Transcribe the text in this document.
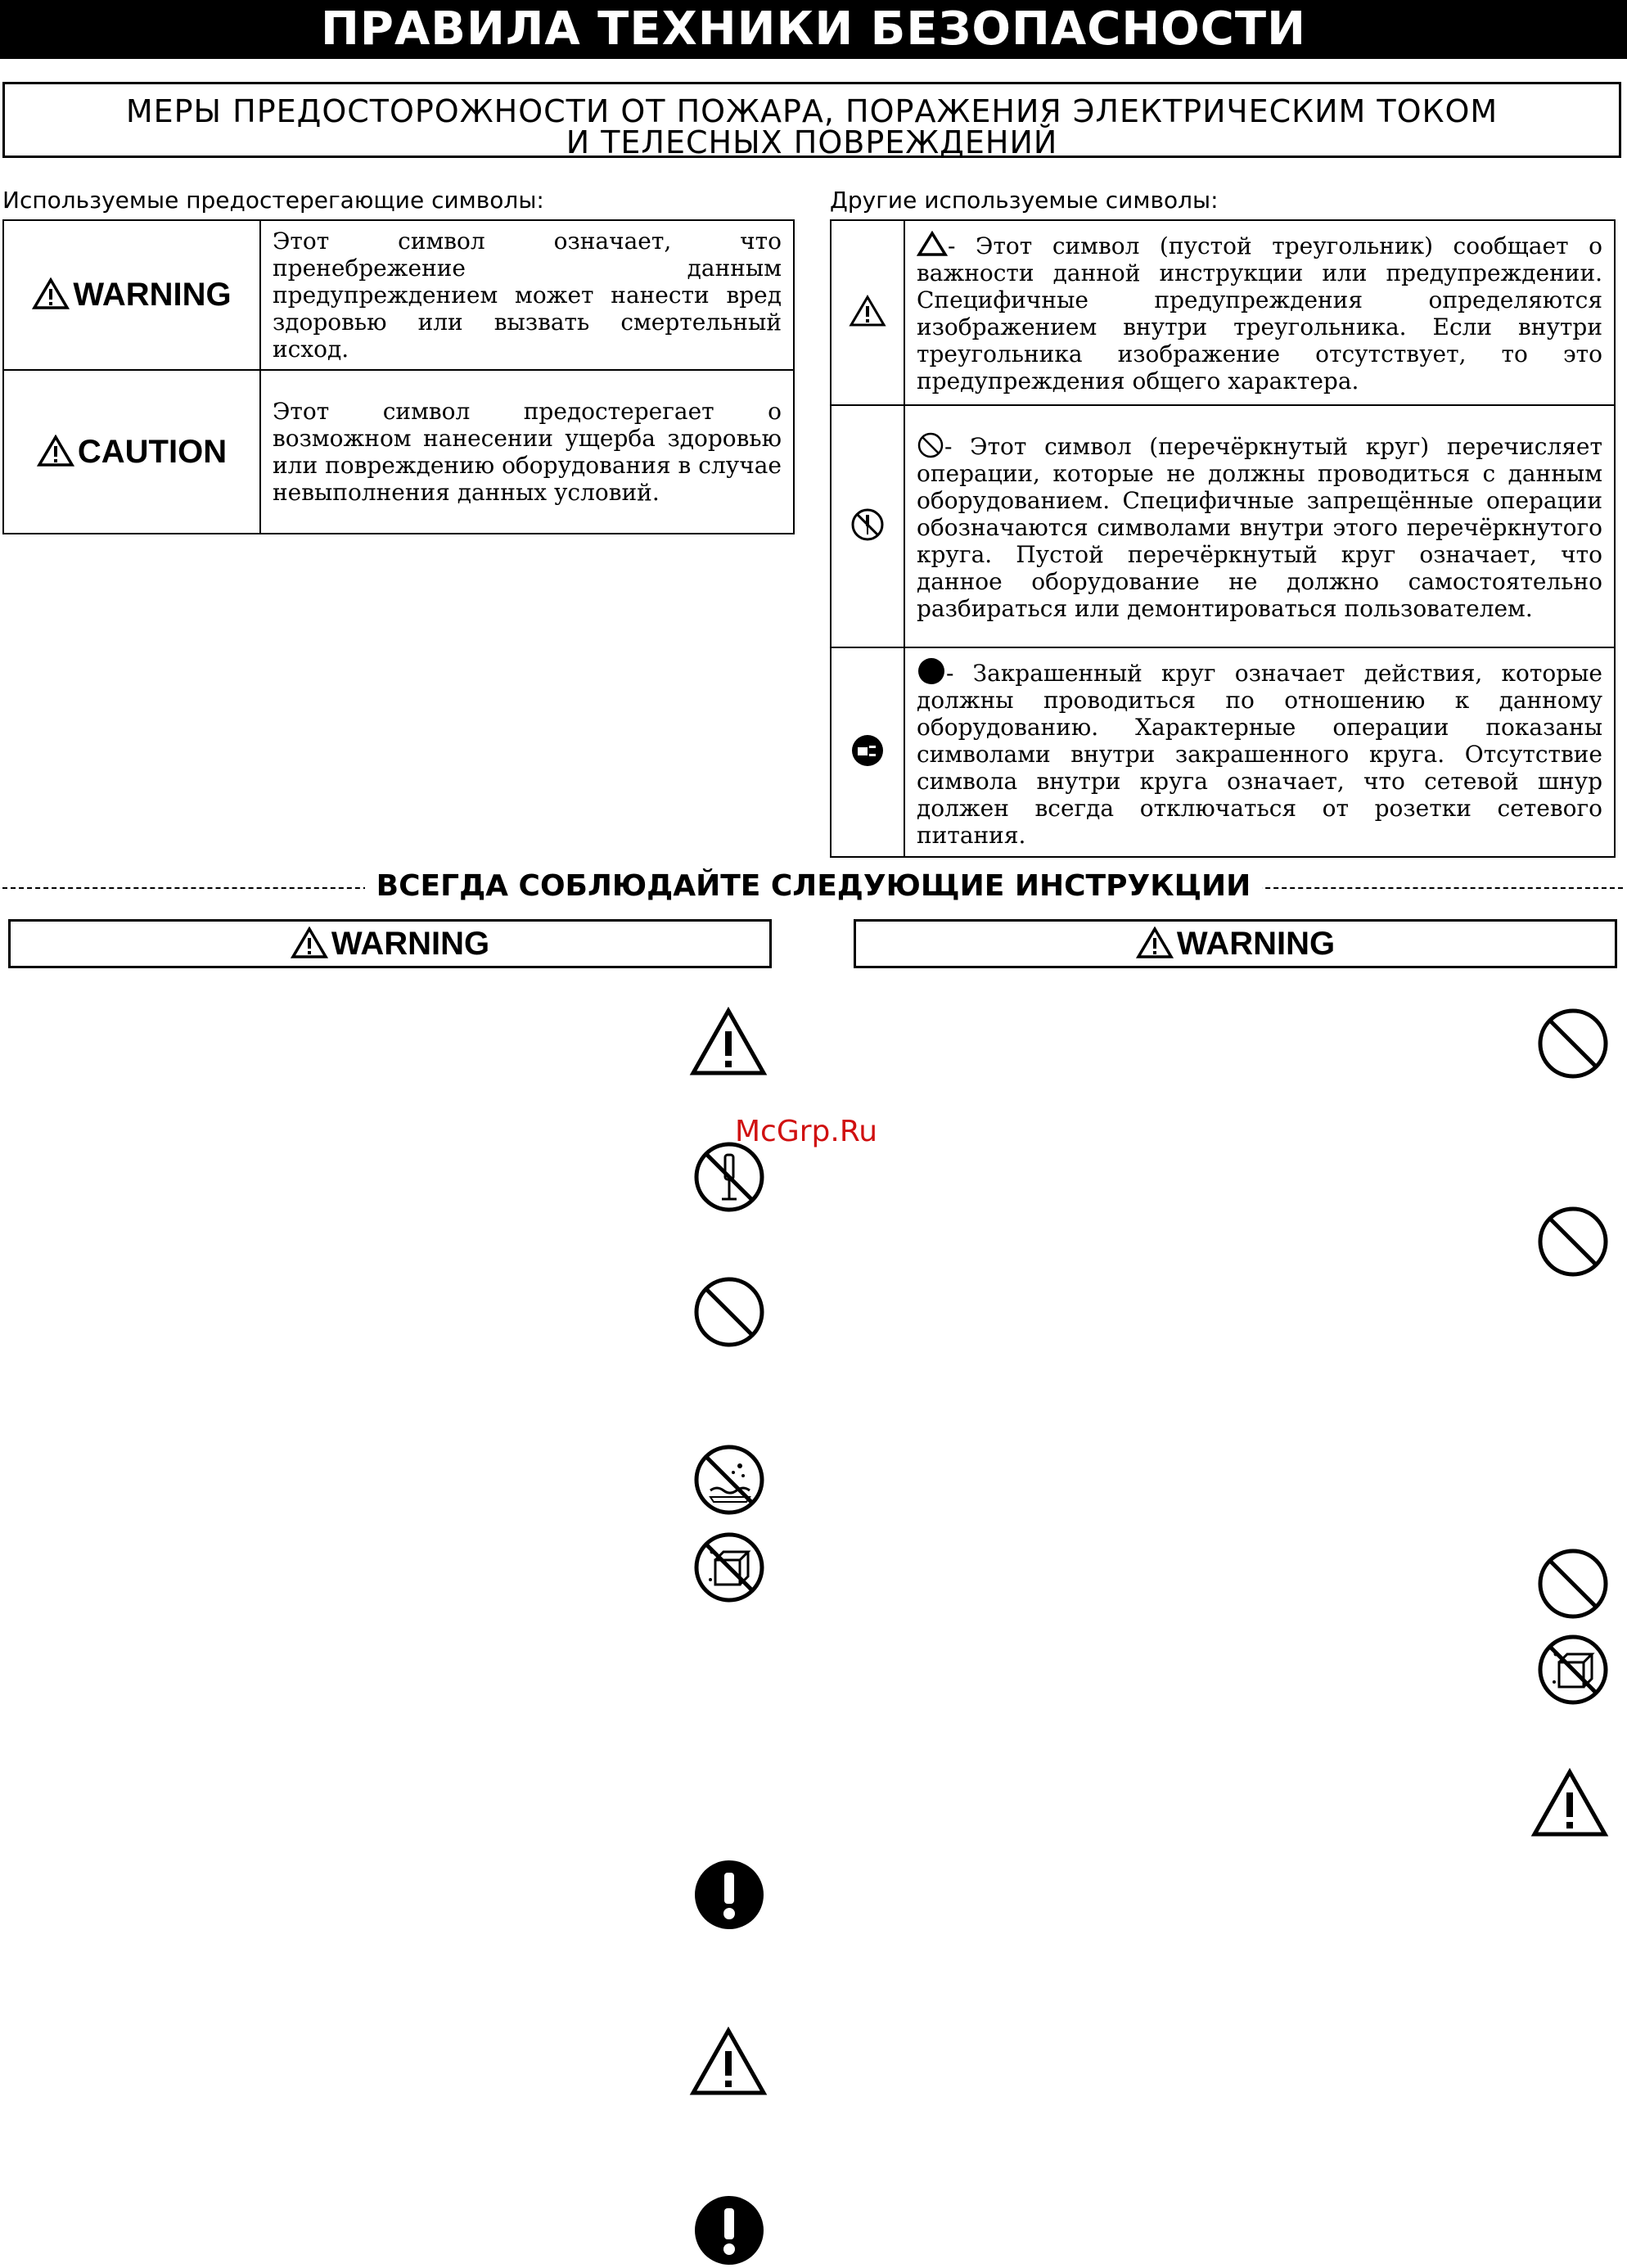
ПРАВИЛА ТЕХНИКИ БЕЗОПАСНОСТИ
МЕРЫ ПРЕДОСТОРОЖНОСТИ ОТ ПОЖАРА, ПОРАЖЕНИЯ ЭЛЕКТРИЧЕСКИМ ТОКОМ
И ТЕЛЕСНЫХ ПОВРЕЖДЕНИЙ
Используемые предостерегающие символы:
WARNING	Этот символ означает, что пренебрежение данным предупреждением может нанести вред здоровью или вызвать смертельный исход.
CAUTION	Этот символ предостерегает о возможном нанесении ущерба здоровью или повреждению оборудования в случае невыполнения данных условий.
Другие используемые символы:
	- Этот символ (пустой треугольник) сообщает о важности данной инструкции или предупреждении. Специфичные предупреждения определяются изображением внутри треугольника. Если внутри треугольника изображение отсутствует, то это предупреждения общего характера.
	- Этот символ (перечёркнутый круг) перечисляет операции, которые не должны проводиться с данным оборудованием. Специфичные запрещённые операции обозначаются символами внутри этого перечёркнутого круга. Пустой перечёркнутый круг означает, что данное оборудование не должно самостоятельно разбираться или демонтироваться пользователем.
	- Закрашенный круг означает действия, которые должны проводиться по отношению к данному оборудованию. Характерные операции показаны символами внутри закрашенного круга. Отсутствие символа внутри круга означает, что сетевой шнур должен всегда отключаться от розетки сетевого питания.
ВСЕГДА СОБЛЮДАЙТЕ СЛЕДУЮЩИЕ ИНСТРУКЦИИ
WARNING	WARNING
McGrp.Ru
